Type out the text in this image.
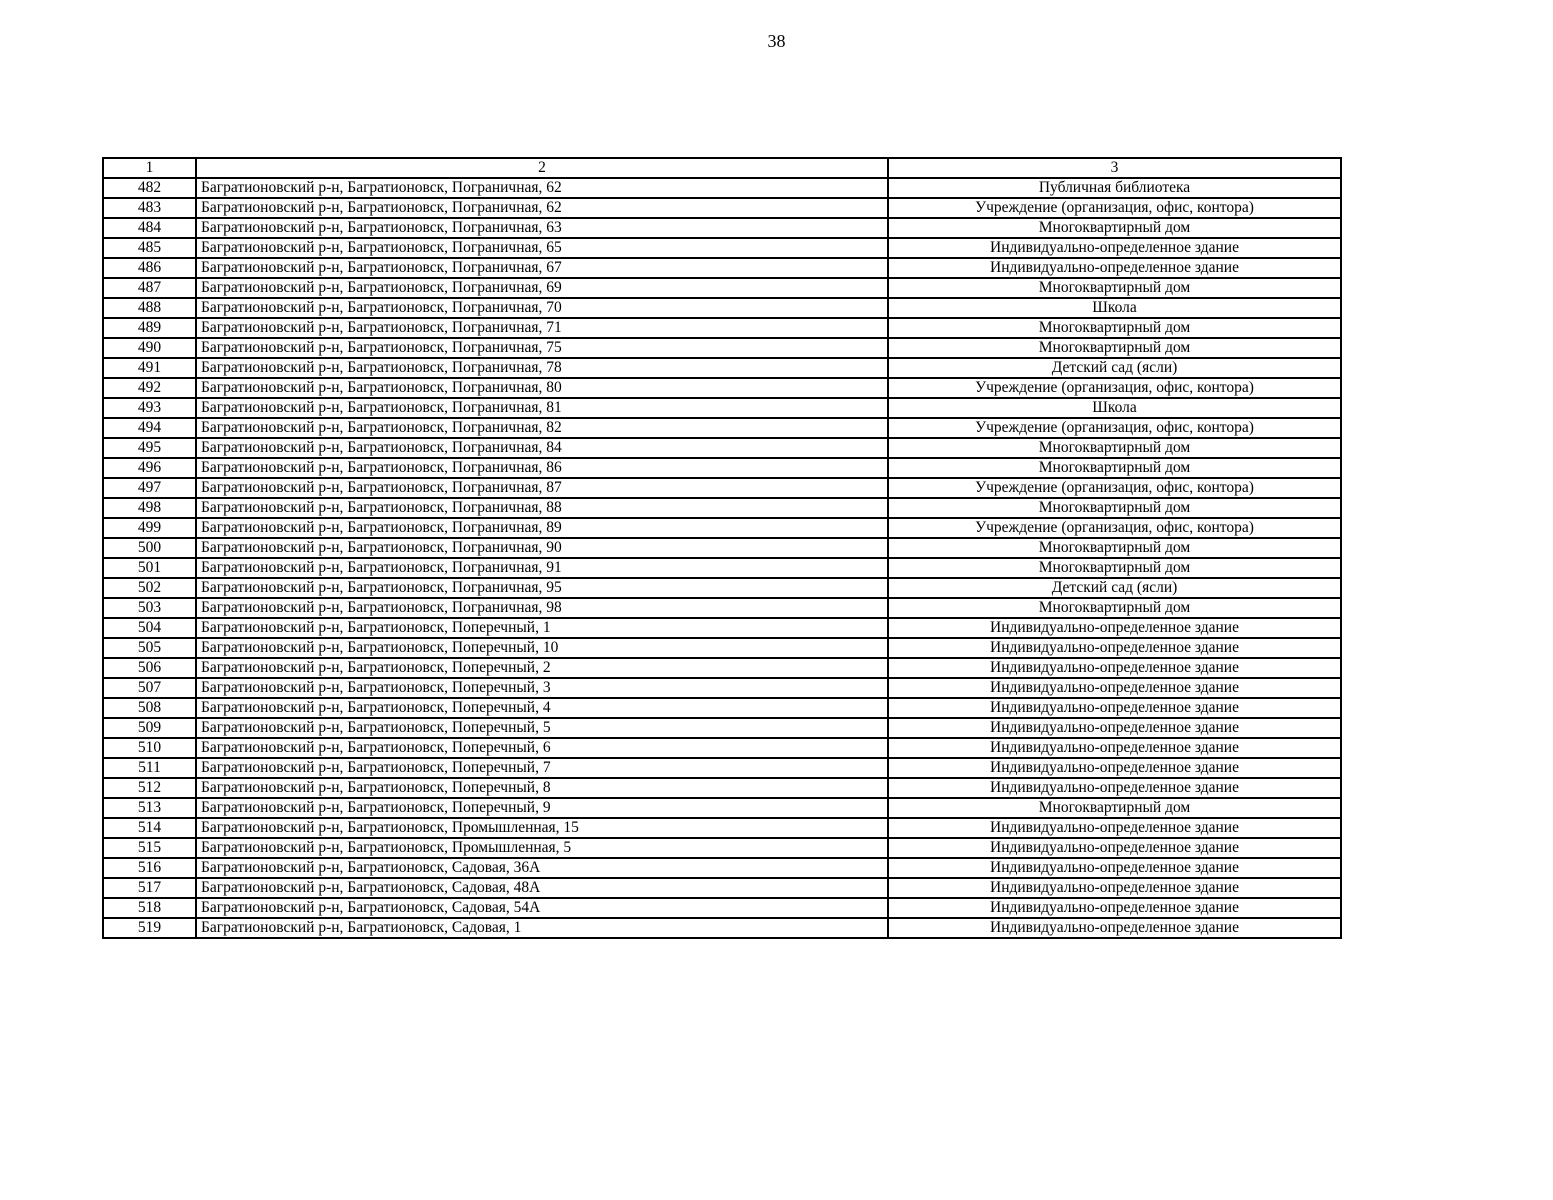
38
1	2	3
482	Багратионовский р-н, Багратионовск, Пограничная, 62	Публичная библиотека
483	Багратионовский р-н, Багратионовск, Пограничная, 62	Учреждение (организация, офис, контора)
484	Багратионовский р-н, Багратионовск, Пограничная, 63	Многоквартирный дом
485	Багратионовский р-н, Багратионовск, Пограничная, 65	Индивидуально-определенное здание
486	Багратионовский р-н, Багратионовск, Пограничная, 67	Индивидуально-определенное здание
487	Багратионовский р-н, Багратионовск, Пограничная, 69	Многоквартирный дом
488	Багратионовский р-н, Багратионовск, Пограничная, 70	Школа
489	Багратионовский р-н, Багратионовск, Пограничная, 71	Многоквартирный дом
490	Багратионовский р-н, Багратионовск, Пограничная, 75	Многоквартирный дом
491	Багратионовский р-н, Багратионовск, Пограничная, 78	Детский сад (ясли)
492	Багратионовский р-н, Багратионовск, Пограничная, 80	Учреждение (организация, офис, контора)
493	Багратионовский р-н, Багратионовск, Пограничная, 81	Школа
494	Багратионовский р-н, Багратионовск, Пограничная, 82	Учреждение (организация, офис, контора)
495	Багратионовский р-н, Багратионовск, Пограничная, 84	Многоквартирный дом
496	Багратионовский р-н, Багратионовск, Пограничная, 86	Многоквартирный дом
497	Багратионовский р-н, Багратионовск, Пограничная, 87	Учреждение (организация, офис, контора)
498	Багратионовский р-н, Багратионовск, Пограничная, 88	Многоквартирный дом
499	Багратионовский р-н, Багратионовск, Пограничная, 89	Учреждение (организация, офис, контора)
500	Багратионовский р-н, Багратионовск, Пограничная, 90	Многоквартирный дом
501	Багратионовский р-н, Багратионовск, Пограничная, 91	Многоквартирный дом
502	Багратионовский р-н, Багратионовск, Пограничная, 95	Детский сад (ясли)
503	Багратионовский р-н, Багратионовск, Пограничная, 98	Многоквартирный дом
504	Багратионовский р-н, Багратионовск, Поперечный, 1	Индивидуально-определенное здание
505	Багратионовский р-н, Багратионовск, Поперечный, 10	Индивидуально-определенное здание
506	Багратионовский р-н, Багратионовск, Поперечный, 2	Индивидуально-определенное здание
507	Багратионовский р-н, Багратионовск, Поперечный, 3	Индивидуально-определенное здание
508	Багратионовский р-н, Багратионовск, Поперечный, 4	Индивидуально-определенное здание
509	Багратионовский р-н, Багратионовск, Поперечный, 5	Индивидуально-определенное здание
510	Багратионовский р-н, Багратионовск, Поперечный, 6	Индивидуально-определенное здание
511	Багратионовский р-н, Багратионовск, Поперечный, 7	Индивидуально-определенное здание
512	Багратионовский р-н, Багратионовск, Поперечный, 8	Индивидуально-определенное здание
513	Багратионовский р-н, Багратионовск, Поперечный, 9	Многоквартирный дом
514	Багратионовский р-н, Багратионовск, Промышленная, 15	Индивидуально-определенное здание
515	Багратионовский р-н, Багратионовск, Промышленная, 5	Индивидуально-определенное здание
516	Багратионовский р-н, Багратионовск, Садовая, 36А	Индивидуально-определенное здание
517	Багратионовский р-н, Багратионовск, Садовая, 48А	Индивидуально-определенное здание
518	Багратионовский р-н, Багратионовск, Садовая, 54А	Индивидуально-определенное здание
519	Багратионовский р-н, Багратионовск, Садовая, 1	Индивидуально-определенное здание
